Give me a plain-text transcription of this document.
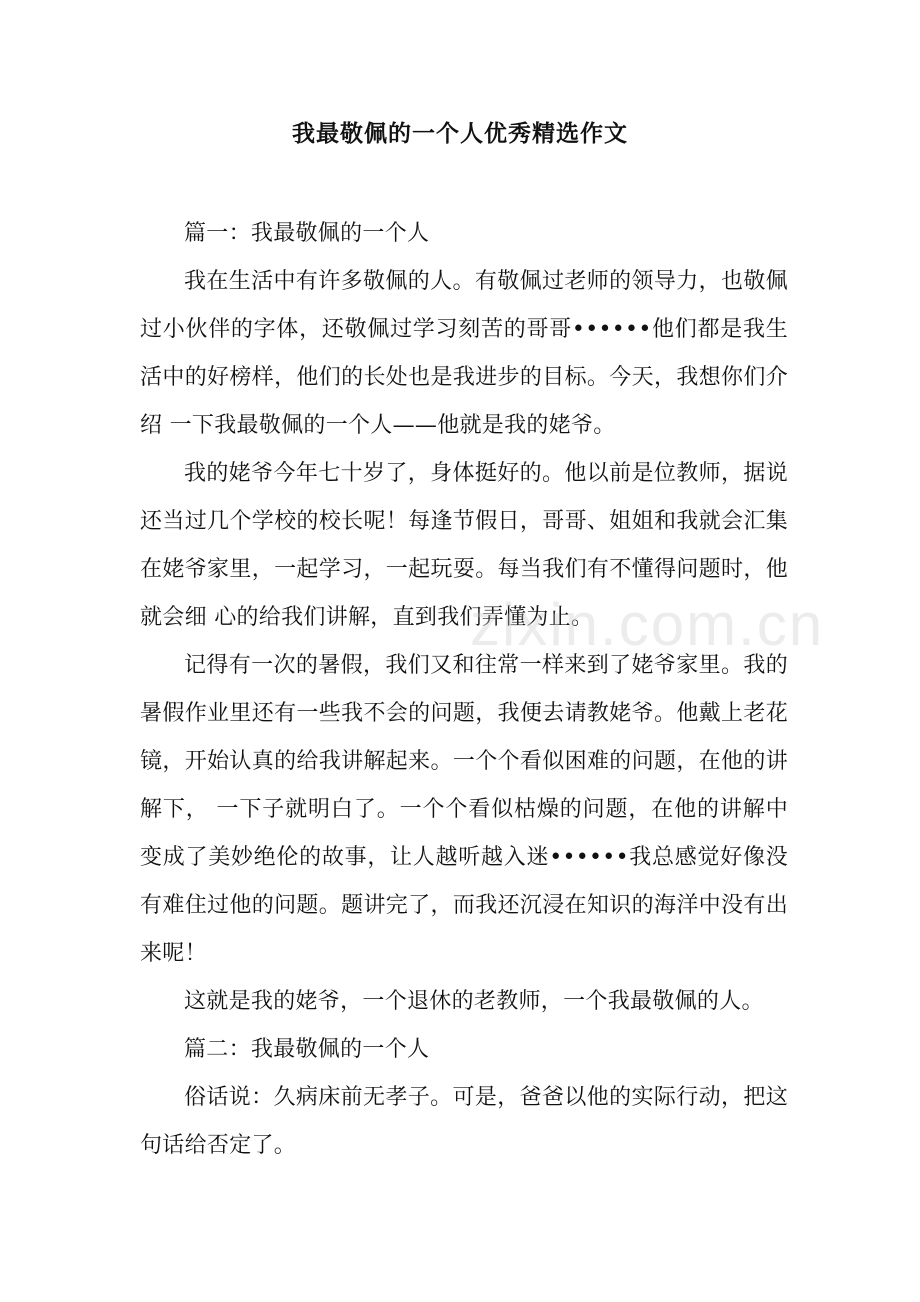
我最敬佩的一个人优秀精选作文

篇一：我最敬佩的一个人

我在生活中有许多敬佩的人。有敬佩过老师的领导力，也敬佩过小伙伴的字体，还敬佩过学习刻苦的哥哥••••••他们都是我生活中的好榜样，他们的长处也是我进步的目标。今天，我想你们介绍 一下我最敬佩的一个人——他就是我的姥爷。

我的姥爷今年七十岁了，身体挺好的。他以前是位教师，据说还当过几个学校的校长呢！每逢节假日，哥哥、姐姐和我就会汇集在姥爷家里，一起学习，一起玩耍。每当我们有不懂得问题时，他就会细 心的给我们讲解，直到我们弄懂为止。

记得有一次的暑假，我们又和往常一样来到了姥爷家里。我的暑假作业里还有一些我不会的问题，我便去请教姥爷。他戴上老花镜，开始认真的给我讲解起来。一个个看似困难的问题，在他的讲解下， 一下子就明白了。一个个看似枯燥的问题，在他的讲解中变成了美妙绝伦的故事，让人越听越入迷••••••我总感觉好像没有难住过他的问题。题讲完了，而我还沉浸在知识的海洋中没有出来呢！

这就是我的姥爷，一个退休的老教师，一个我最敬佩的人。

篇二：我最敬佩的一个人

俗话说：久病床前无孝子。可是，爸爸以他的实际行动，把这句话给否定了。

zixin.com.cn
